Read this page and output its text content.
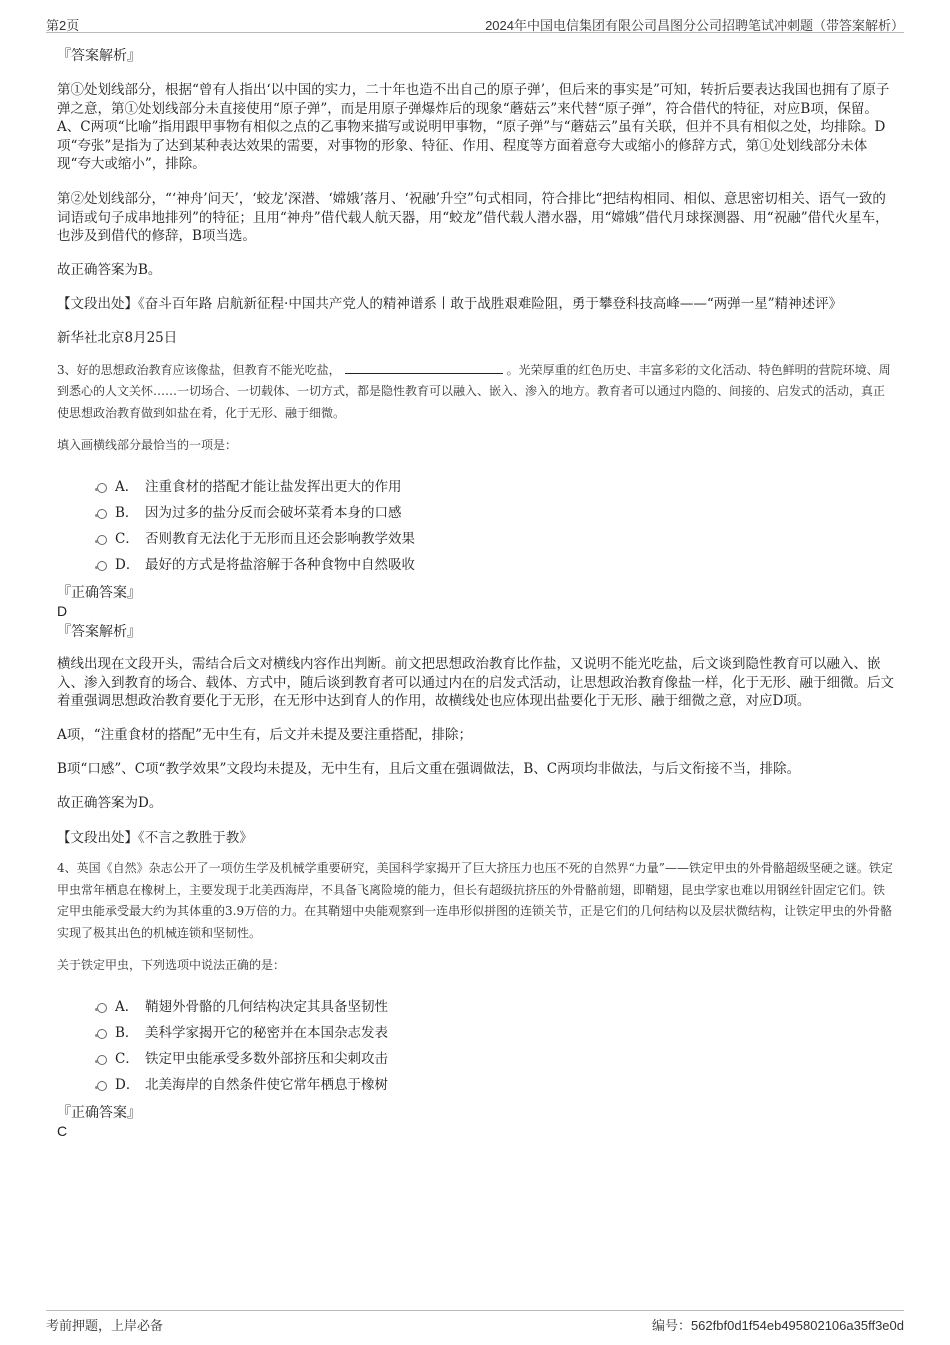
第2页	2024年中国电信集团有限公司昌图分公司招聘笔试冲刺题（带答案解析）

『答案解析』

第①处划线部分，根据“曾有人指出‘以中国的实力，二十年也造不出自己的原子弹’，但后来的事实是”可知，转折后要表达我国也拥有了原子弹之意，第①处划线部分未直接使用“原子弹”，而是用原子弹爆炸后的现象“蘑菇云”来代替“原子弹”，符合借代的特征，对应B项，保留。A、C两项“比喻”指用跟甲事物有相似之点的乙事物来描写或说明甲事物，“原子弹”与“蘑菇云”虽有关联，但并不具有相似之处，均排除。D项“夸张”是指为了达到某种表达效果的需要，对事物的形象、特征、作用、程度等方面着意夸大或缩小的修辞方式，第①处划线部分未体现“夸大或缩小”，排除。

第②处划线部分，“‘神舟’问天’，‘蛟龙’深潜、‘嫦娥’落月、‘祝融’升空”句式相同，符合排比“把结构相同、相似、意思密切相关、语气一致的词语或句子成串地排列”的特征；且用“神舟”借代载人航天器，用“蛟龙”借代载人潜水器，用“嫦娥”借代月球探测器、用“祝融”借代火星车，也涉及到借代的修辞，B项当选。

故正确答案为B。

【文段出处】《奋斗百年路 启航新征程·中国共产党人的精神谱系丨敢于战胜艰难险阻，勇于攀登科技高峰——“两弹一星”精神述评》

新华社北京8月25日

3、好的思想政治教育应该像盐，但教育不能光吃盐，	。光荣厚重的红色历史、丰富多彩的文化活动、特色鲜明的营院环境、周到悉心的人文关怀……一切场合、一切载体、一切方式，都是隐性教育可以融入、嵌入、渗入的地方。教育者可以通过内隐的、间接的、启发式的活动，真正使思想政治教育做到如盐在肴，化于无形、融于细微。

填入画横线部分最恰当的一项是：

A． 注重食材的搭配才能让盐发挥出更大的作用
B． 因为过多的盐分反而会破坏菜肴本身的口感
C． 否则教育无法化于无形而且还会影响教学效果
D． 最好的方式是将盐溶解于各种食物中自然吸收

『正确答案』

D

『答案解析』

横线出现在文段开头，需结合后文对横线内容作出判断。前文把思想政治教育比作盐，又说明不能光吃盐，后文谈到隐性教育可以融入、嵌入、渗入到教育的场合、载体、方式中，随后谈到教育者可以通过内在的启发式活动，让思想政治教育像盐一样，化于无形、融于细微。后文着重强调思想政治教育要化于无形，在无形中达到育人的作用，故横线处也应体现出盐要化于无形、融于细微之意，对应D项。

A项，“注重食材的搭配”无中生有，后文并未提及要注重搭配，排除；

B项“口感”、C项“教学效果”文段均未提及，无中生有，且后文重在强调做法，B、C两项均非做法，与后文衔接不当，排除。

故正确答案为D。

【文段出处】《不言之教胜于教》

4、英国《自然》杂志公开了一项仿生学及机械学重要研究，美国科学家揭开了巨大挤压力也压不死的自然界“力量”——铁定甲虫的外骨骼超级坚硬之谜。铁定甲虫常年栖息在橡树上，主要发现于北美西海岸，不具备飞离险境的能力，但长有超级抗挤压的外骨骼前翅，即鞘翅，昆虫学家也难以用钢丝针固定它们。铁定甲虫能承受最大约为其体重的3.9万倍的力。在其鞘翅中央能观察到一连串形似拼图的连锁关节，正是它们的几何结构以及层状微结构，让铁定甲虫的外骨骼实现了极其出色的机械连锁和坚韧性。

关于铁定甲虫，下列选项中说法正确的是：

A． 鞘翅外骨骼的几何结构决定其具备坚韧性
B． 美科学家揭开它的秘密并在本国杂志发表
C． 铁定甲虫能承受多数外部挤压和尖刺攻击
D． 北美海岸的自然条件使它常年栖息于橡树

『正确答案』

C

考前押题，上岸必备	编号：562fbf0d1f54eb495802106a35ff3e0d
